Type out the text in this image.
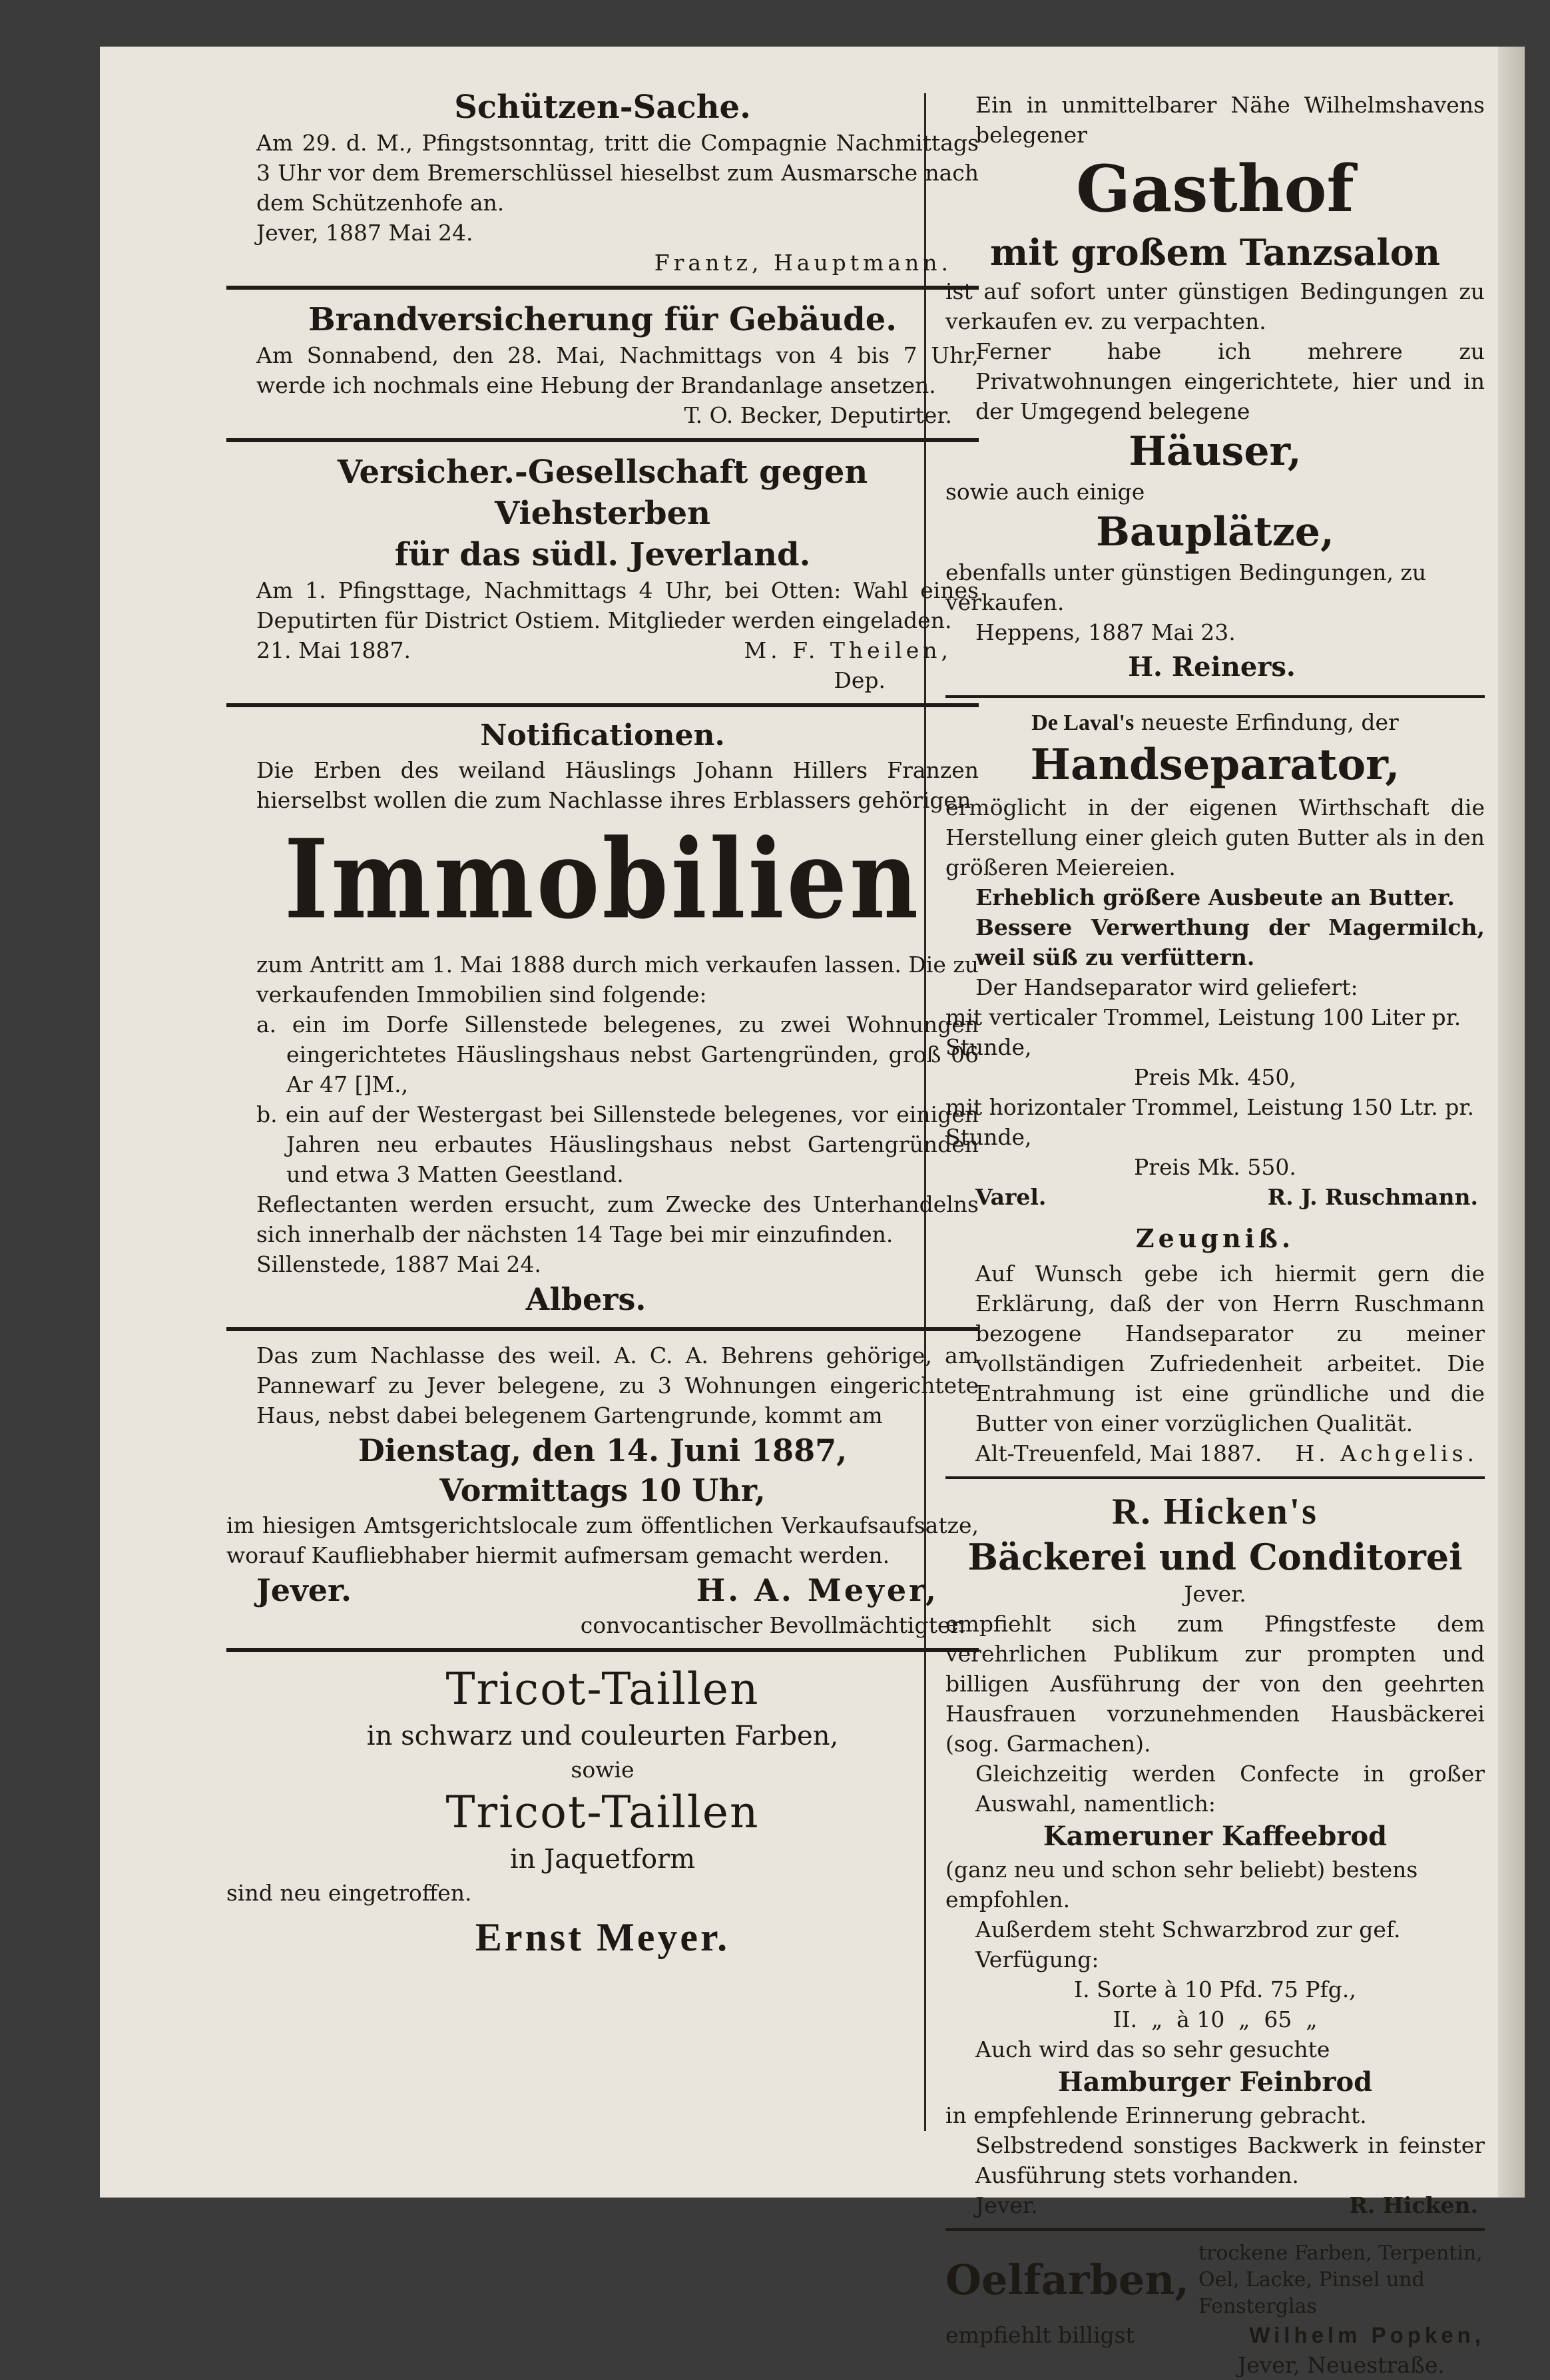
Schützen-Sache.
Am 29. d. M., Pfingstsonntag, tritt die Compagnie Nachmittags 3 Uhr vor dem Bremerschlüssel hieselbst zum Ausmarsche nach dem Schützenhofe an.
Jever, 1887 Mai 24.
Frantz, Hauptmann.
Brandversicherung für Gebäude.
Am Sonnabend, den 28. Mai, Nachmittags von 4 bis 7 Uhr, werde ich nochmals eine Hebung der Brandanlage ansetzen.
T. O. Becker, Deputirter.
Versicher.-Gesellschaft gegen Viehsterben
für das südl. Jeverland.
Am 1. Pfingsttage, Nachmittags 4 Uhr, bei Otten: Wahl eines Deputirten für District Ostiem. Mitglieder werden eingeladen.
21. Mai 1887.	M. F. Theilen,
Dep.
Notificationen.
Die Erben des weiland Häuslings Johann Hillers Franzen hierselbst wollen die zum Nachlasse ihres Erblassers gehörigen
Immobilien
zum Antritt am 1. Mai 1888 durch mich verkaufen lassen. Die zu verkaufenden Immobilien sind folgende:
a. ein im Dorfe Sillenstede belegenes, zu zwei Wohnungen eingerichtetes Häuslingshaus nebst Gartengründen, groß 06 Ar 47 []M.,
b. ein auf der Westergast bei Sillenstede belegenes, vor einigen Jahren neu erbautes Häuslingshaus nebst Gartengründen und etwa 3 Matten Geestland.
Reflectanten werden ersucht, zum Zwecke des Unterhandelns sich innerhalb der nächsten 14 Tage bei mir einzufinden.
Sillenstede, 1887 Mai 24.
Albers.
Das zum Nachlasse des weil. A. C. A. Behrens gehörige, am Pannewarf zu Jever belegene, zu 3 Wohnungen eingerichtete Haus, nebst dabei belegenem Gartengrunde, kommt am
Dienstag, den 14. Juni 1887,
Vormittags 10 Uhr,
im hiesigen Amtsgerichtslocale zum öffentlichen Verkaufsaufsatze, worauf Kaufliebhaber hiermit aufmersam gemacht werden.
Jever.	H. A. Meyer,
convocantischer Bevollmächtigter.
Tricot-Taillen
in schwarz und couleurten Farben,
sowie
Tricot-Taillen
in Jaquetform
sind neu eingetroffen.
Ernst Meyer.
Ein in unmittelbarer Nähe Wilhelmshavens belegener
Gasthof
mit großem Tanzsalon
ist auf sofort unter günstigen Bedingungen zu verkaufen ev. zu verpachten.
Ferner habe ich mehrere zu Privatwohnungen eingerichtete, hier und in der Umgegend belegene
Häuser,
sowie auch einige
Bauplätze,
ebenfalls unter günstigen Bedingungen, zu verkaufen.
Heppens, 1887 Mai 23.
H. Reiners.
De Laval's neueste Erfindung, der
Handseparator,
ermöglicht in der eigenen Wirthschaft die Herstellung einer gleich guten Butter als in den größeren Meiereien.
Erheblich größere Ausbeute an Butter.
Bessere Verwerthung der Magermilch, weil süß zu verfüttern.
Der Handseparator wird geliefert:
mit verticaler Trommel, Leistung 100 Liter pr. Stunde,
Preis Mk. 450,
mit horizontaler Trommel, Leistung 150 Ltr. pr. Stunde,
Preis Mk. 550.
Varel.	R. J. Ruschmann.
Zeugniß.
Auf Wunsch gebe ich hiermit gern die Erklärung, daß der von Herrn Ruschmann bezogene Handseparator zu meiner vollständigen Zufriedenheit arbeitet. Die Entrahmung ist eine gründliche und die Butter von einer vorzüglichen Qualität.
Alt-Treuenfeld, Mai 1887. H. Achgelis.
R. Hicken's
Bäckerei und Conditorei
Jever.
empfiehlt sich zum Pfingstfeste dem verehrlichen Publikum zur prompten und billigen Ausführung der von den geehrten Hausfrauen vorzunehmenden Hausbäckerei (sog. Garmachen).
Gleichzeitig werden Confecte in großer Auswahl, namentlich:
Kameruner Kaffeebrod
(ganz neu und schon sehr beliebt) bestens empfohlen.
Außerdem steht Schwarzbrod zur gef. Verfügung:
I. Sorte à 10 Pfd. 75 Pfg.,
II.  „  à 10  „  65  „
Auch wird das so sehr gesuchte
Hamburger Feinbrod
in empfehlende Erinnerung gebracht.
Selbstredend sonstiges Backwerk in feinster Ausführung stets vorhanden.
Jever.	R. Hicken.
Oelfarben,
trockene Farben, Terpentin, Oel, Lacke, Pinsel und Fensterglas
empfiehlt billigst	Wilhelm Popken,
Jever, Neuestraße.
